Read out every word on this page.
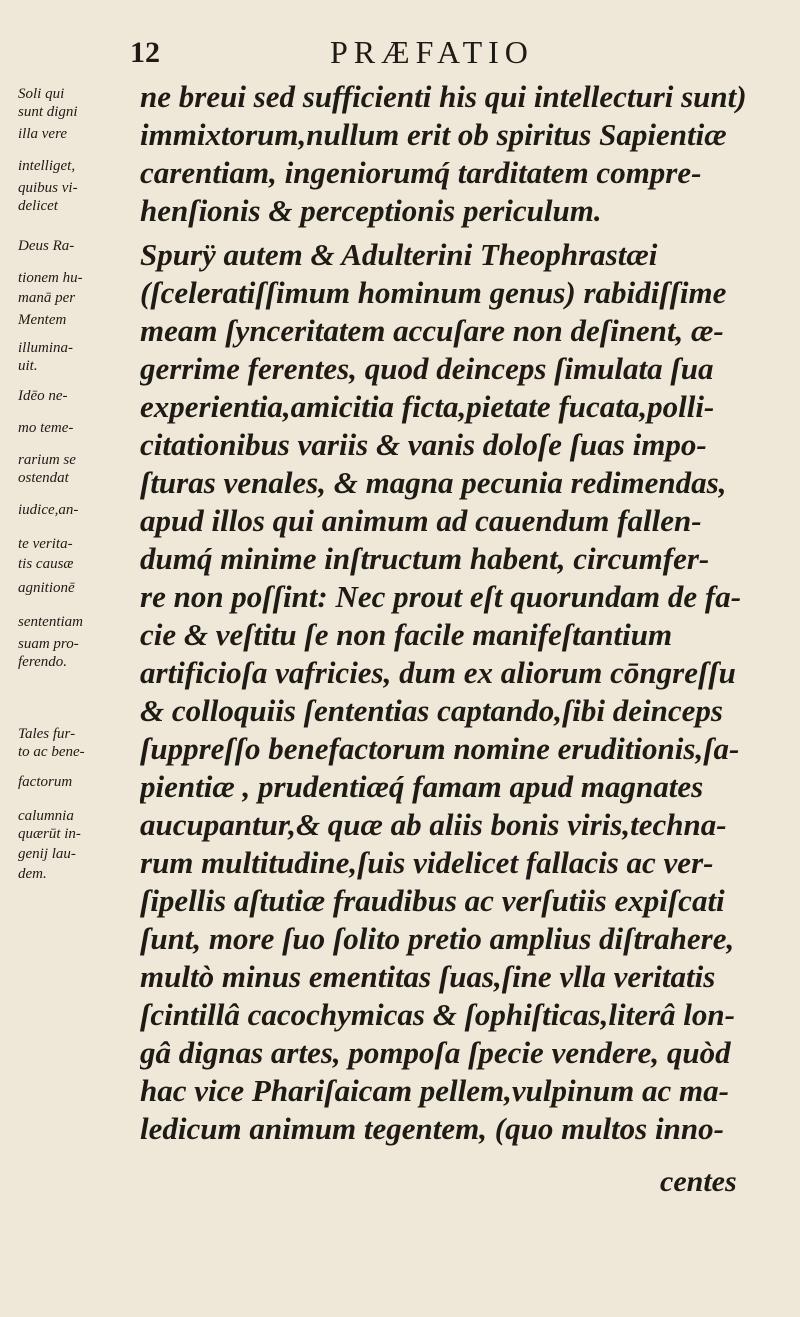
12	PRÆFATIO
Soli qui
sunt digni
illa vere
intelliget,
quibus vi-
delicet
Deus Ra-
tionem hu-
manā per
Mentem
illumina-
uit.
Idēo ne-
mo teme-
rarium se
ostendat
iudice,an-
te verita-
tis causæ
agnitionē
sententiam
suam pro-
ferendo.
Tales fur-
to ac bene-
factorum
calumnia
quærūt in-
genij lau-
dem.
ne breui sed sufficienti his qui intellecturi sunt)
immixtorum,nullum erit ob spiritus Sapientiæ
carentiam, ingeniorumq́ tarditatem compre-
henſionis & perceptionis periculum.
Spurÿ autem & Adulterini Theophrastæi
(ſceleratiſſimum hominum genus) rabidiſſime
meam ſynceritatem accuſare non deſinent, æ-
gerrime ferentes, quod deinceps ſimulata ſua
experientia,amicitia ficta,pietate fucata,polli-
citationibus variis & vanis doloſe ſuas impo-
ſturas venales, & magna pecunia redimendas,
apud illos qui animum ad cauendum fallen-
dumq́ minime inſtructum habent, circumfer-
re non poſſint: Nec prout eſt quorundam de fa-
cie & veſtitu ſe non facile manifeſtantium
artificioſa vafricies, dum ex aliorum cōngreſſu
& colloquiis ſententias captando,ſibi deinceps
ſuppreſſo benefactorum nomine eruditionis,ſa-
pientiæ , prudentiæq́ famam apud magnates
aucupantur,& quæ ab aliis bonis viris,techna-
rum multitudine,ſuis videlicet fallacis ac ver-
ſipellis aſtutiæ fraudibus ac verſutiis expiſcati
ſunt, more ſuo ſolito pretio amplius diſtrahere,
multò minus ementitas ſuas,ſine vlla veritatis
ſcintillâ cacochymicas & ſophiſticas,literâ lon-
gâ dignas artes, pompoſa ſpecie vendere, quòd
hac vice Phariſaicam pellem,vulpinum ac ma-
ledicum animum tegentem, (quo multos inno-
centes
